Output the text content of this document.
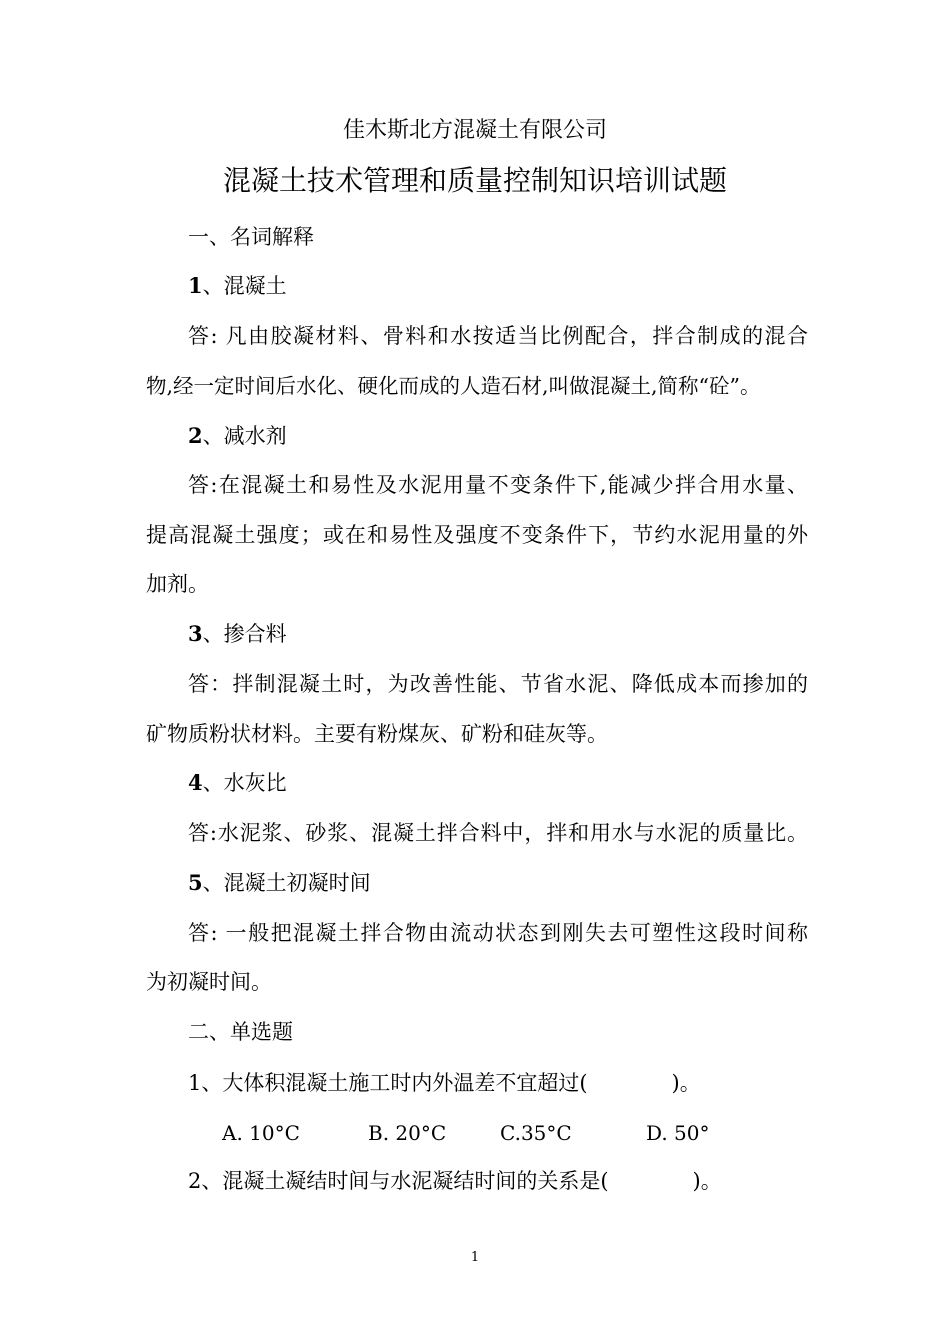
佳木斯北方混凝土有限公司
混凝土技术管理和质量控制知识培训试题
一、名词解释
1、混凝土
答: 凡由胶凝材料、骨料和水按适当比例配合，拌合制成的混合
物,经一定时间后水化、硬化而成的人造石材,叫做混凝土,简称“砼”。
2、减水剂
答:在混凝土和易性及水泥用量不变条件下,能减少拌合用水量、
提高混凝土强度；或在和易性及强度不变条件下，节约水泥用量的外
加剂。
3、掺合料
答：拌制混凝土时，为改善性能、节省水泥、降低成本而掺加的
矿物质粉状材料。主要有粉煤灰、矿粉和硅灰等。
4、水灰比
答:水泥浆、砂浆、混凝土拌合料中，拌和用水与水泥的质量比。
5、混凝土初凝时间
答: 一般把混凝土拌合物由流动状态到刚失去可塑性这段时间称
为初凝时间。
二、单选题
1、大体积混凝土施工时内外温差不宜超过(　　　　)。
A. 10°C	B. 20°C	C.35°C	D. 50°
2、混凝土凝结时间与水泥凝结时间的关系是(　　　　)。
1
